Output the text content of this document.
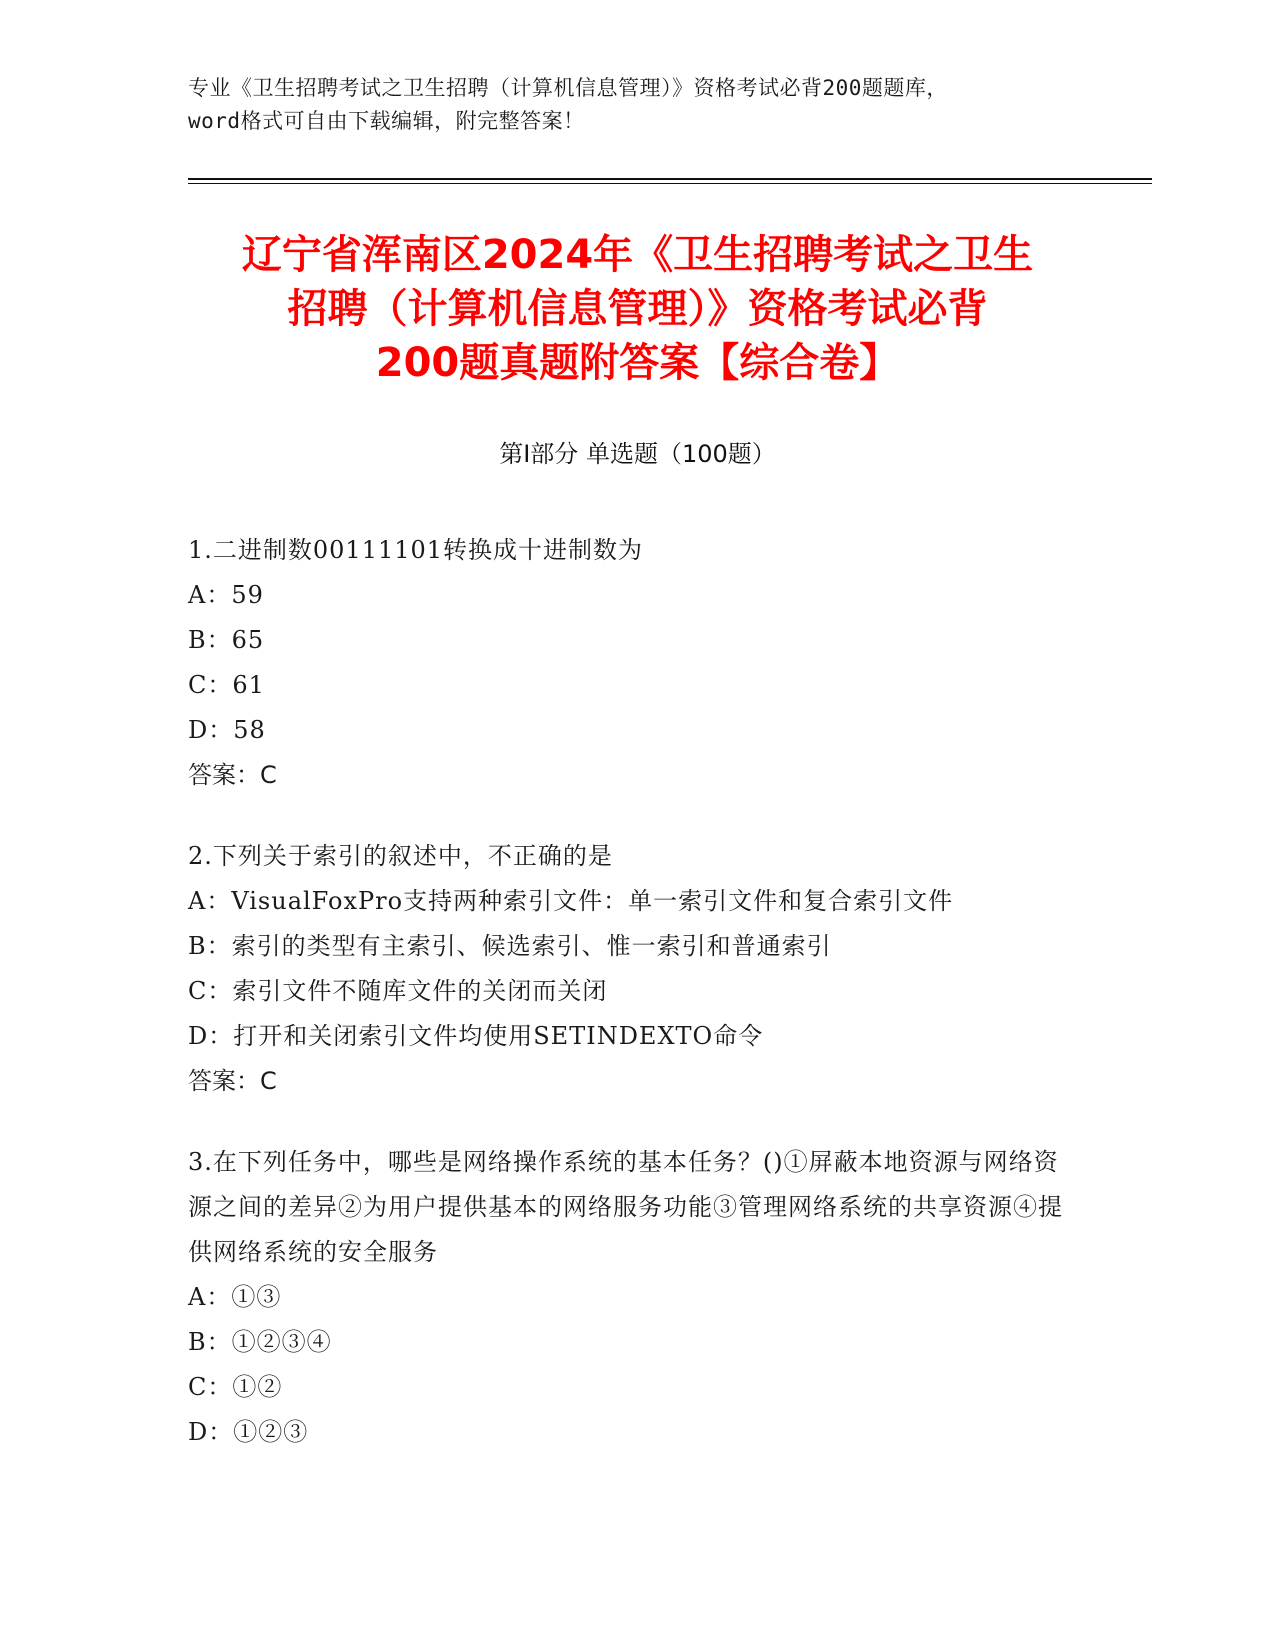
专业《卫生招聘考试之卫生招聘（计算机信息管理）》资格考试必背200题题库，
word格式可自由下载编辑，附完整答案！
辽宁省浑南区2024年《卫生招聘考试之卫生
招聘（计算机信息管理）》资格考试必背
200题真题附答案【综合卷】
第Ⅰ部分 单选题（100题）
1.二进制数00111101转换成十进制数为
A：59
B：65
C：61
D：58
答案：C
2.下列关于索引的叙述中，不正确的是
A：VisualFoxPro支持两种索引文件：单一索引文件和复合索引文件
B：索引的类型有主索引、候选索引、惟一索引和普通索引
C：索引文件不随库文件的关闭而关闭
D：打开和关闭索引文件均使用SETINDEXTO命令
答案：C
3.在下列任务中，哪些是网络操作系统的基本任务？()①屏蔽本地资源与网络资源之间的差异②为用户提供基本的网络服务功能③管理网络系统的共享资源④提供网络系统的安全服务
A：①③
B：①②③④
C：①②
D：①②③
